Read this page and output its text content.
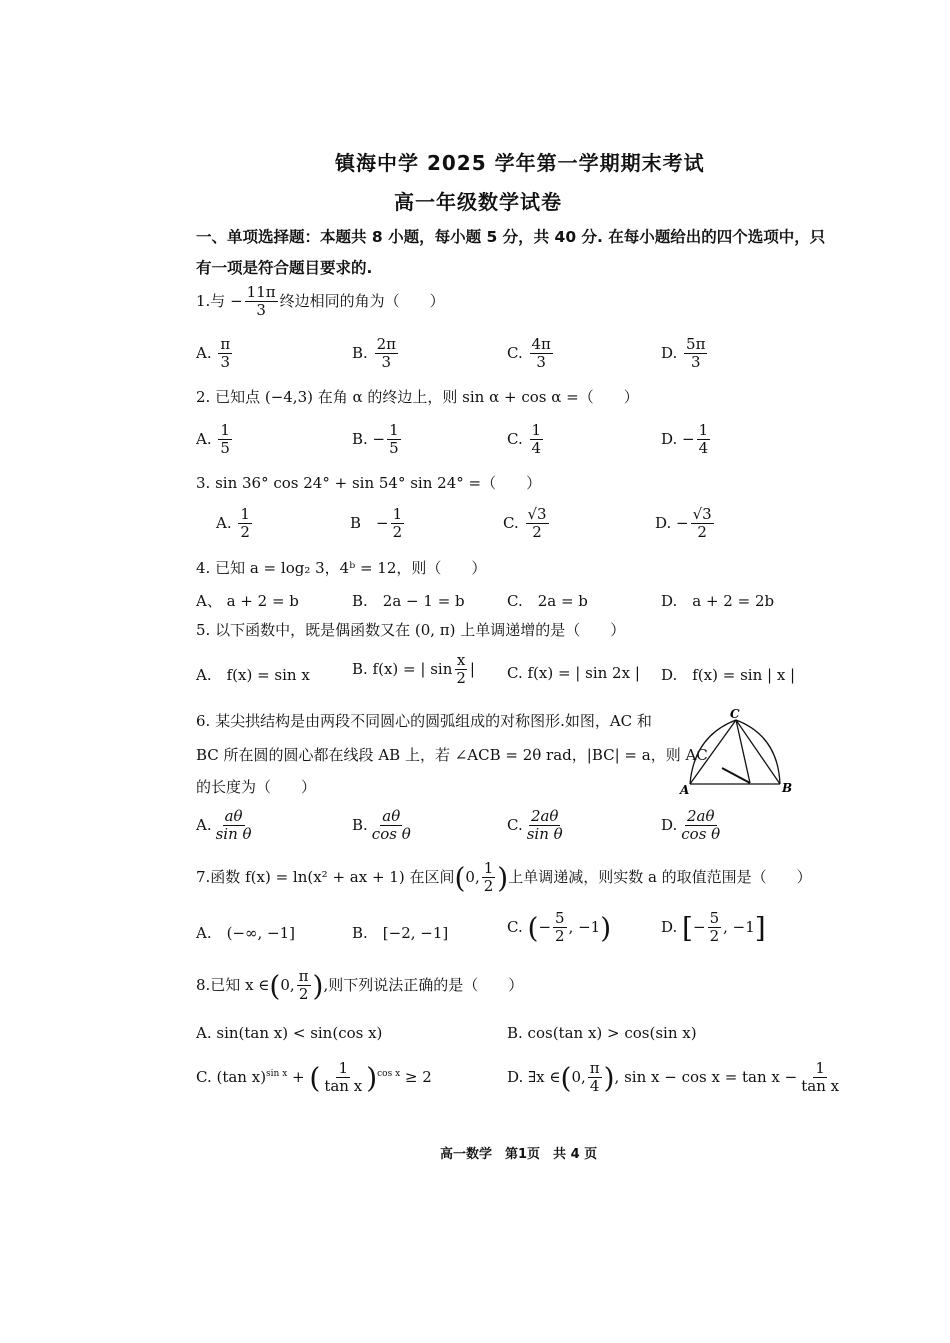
镇海中学 2025 学年第一学期期末考试
高一年级数学试卷
一、单项选择题：本题共 8 小题，每小题 5 分，共 40 分. 在每小题给出的四个选项中，只
有一项是符合题目要求的.
1.与 − $\frac{11\pi}{3}$ 终边相同的角为（　　）
A. $\frac{\pi}{3}$	B. $\frac{2\pi}{3}$	C. $\frac{4\pi}{3}$	D. $\frac{5\pi}{3}$
2. 已知点 (−4,3) 在角 α 的终边上，则 sin α + cos α =（　　）
A. $\frac{1}{5}$	B. − $\frac{1}{5}$	C. $\frac{1}{4}$	D. − $\frac{1}{4}$
3. sin 36° cos 24° + sin 54° sin 24° =（　　）
A. $\frac{1}{2}$	B　− $\frac{1}{2}$	C. $\frac{√3}{2}$	D. − $\frac{√3}{2}$
4. 已知 a = log₂ 3，4ᵇ = 12，则（　　）
A、 a + 2 = b	B.　2a − 1 = b	C.　2a = b	D.　a + 2 = 2b
5. 以下函数中，既是偶函数又在 (0, π) 上单调递增的是（　　）
A.　f(x) = sin x	B. f(x) = | $\sin \frac{x}{2}$ | C. f(x) = | sin 2x | D.　f(x) = sin | x |
6. 某尖拱结构是由两段不同圆心的圆弧组成的对称图形.如图，AC 和
BC 所在圆的圆心都在线段 AB 上，若 ∠ACB = 2θ rad，|BC| = a，则 AC
的长度为（　　）
C
A	B
A. $\frac{a\theta}{\text{sin θ}}$	B. $\frac{a\theta}{\text{cos θ}}$	C. $\frac{2a\theta}{\text{sin θ}}$	D. $\frac{2a\theta}{\text{cos θ}}$
7.函数 f(x) = ln(x² + ax + 1) 在区间(0, $\frac{1}{2}$ )上单调递减，则实数 a 的取值范围是（　　）
A.　(−∞, −1]	B.　[−2, −1]	C. (− $\frac{5}{2}$ , −1)	D. [− $\frac{5}{2}$ , −1]
8.已知 x ∈(0, $\frac{\pi}{2}$ ),则下列说法正确的是（　　）
A. sin(tan x) < sin(cos x)	B. cos(tan x) > cos(sin x)
C. (tan x)$^{sin x}$ + ( $\frac{1}{\text{tan x}} )^{cos x} \ge 2$	D. ∃x ∈(0, $\frac{\pi}{4}$ ), $\sin x - \cos x = \tan x - \frac{1}{\text{tan x}}$
高一数学　第1页　共 4 页
